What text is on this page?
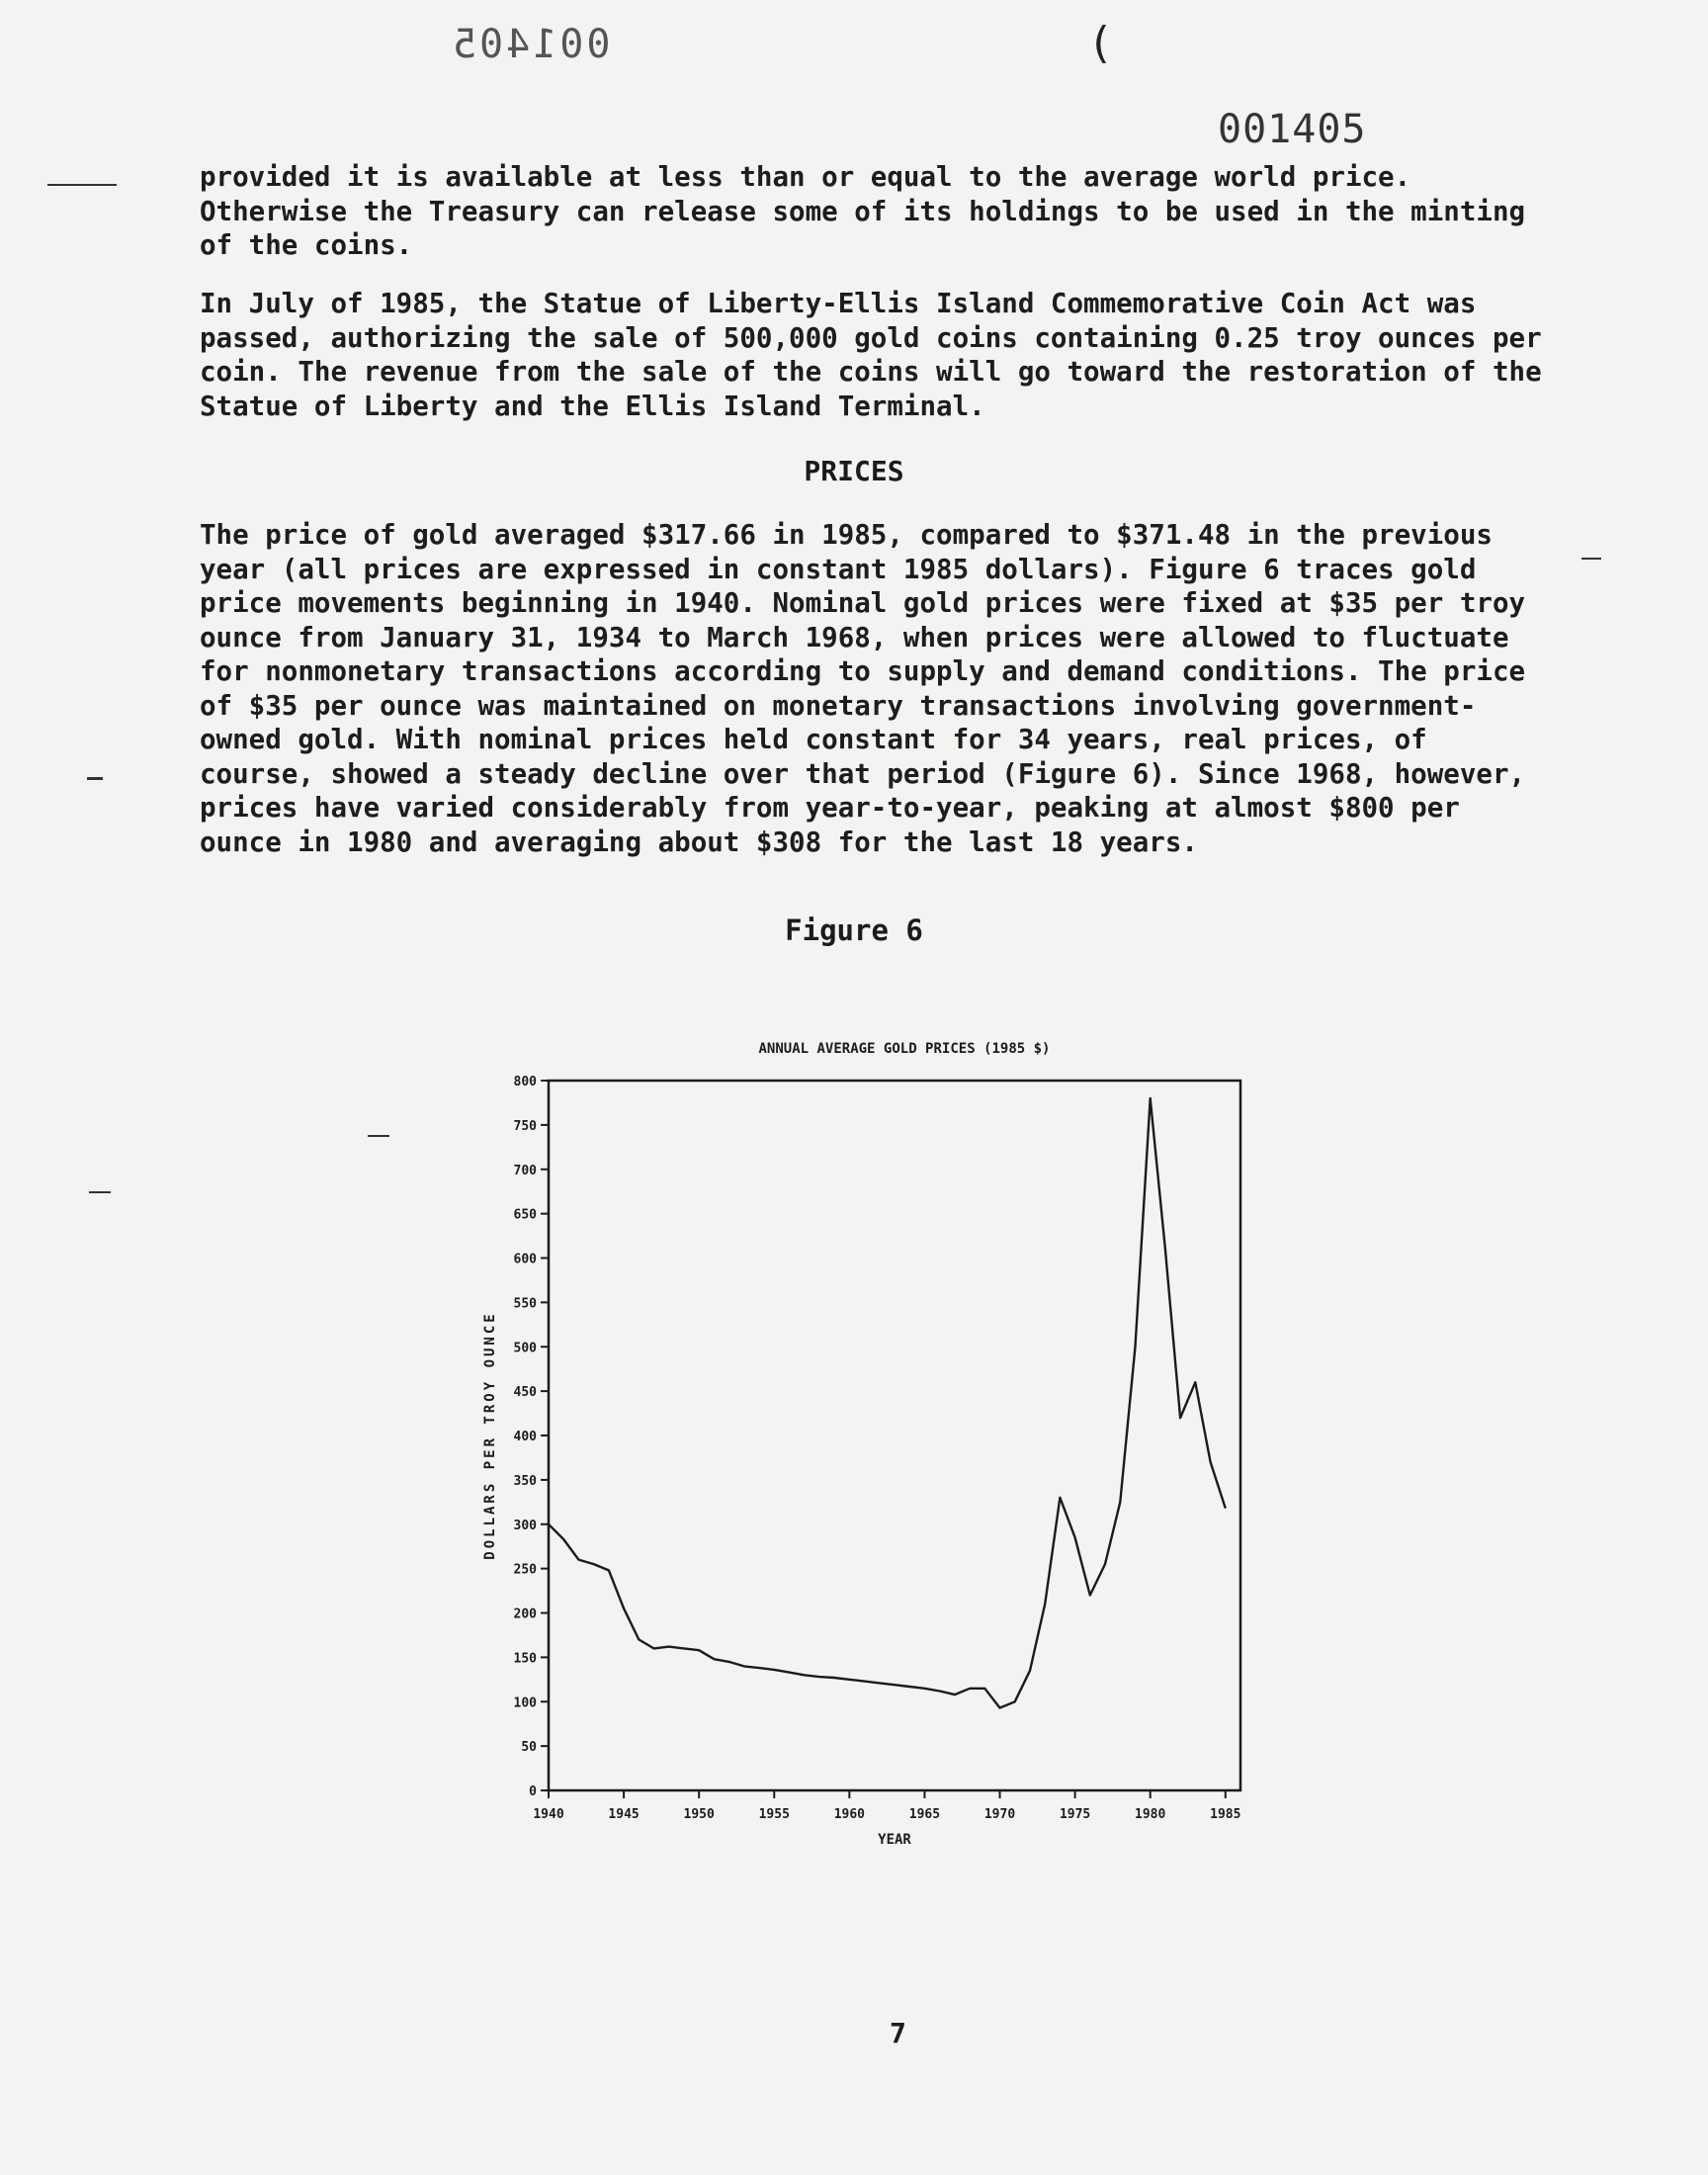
001405	(
001405

provided it is available at less than or equal to the average world price. Otherwise the Treasury can release some of its holdings to be used in the minting of the coins.

In July of 1985, the Statue of Liberty-Ellis Island Commemorative Coin Act was passed, authorizing the sale of 500,000 gold coins containing 0.25 troy ounces per coin. The revenue from the sale of the coins will go toward the restoration of the Statue of Liberty and the Ellis Island Terminal.

PRICES

The price of gold averaged $317.66 in 1985, compared to $371.48 in the previous year (all prices are expressed in constant 1985 dollars). Figure 6 traces gold price movements beginning in 1940. Nominal gold prices were fixed at $35 per troy ounce from January 31, 1934 to March 1968, when prices were allowed to fluctuate for nonmonetary transactions according to supply and demand conditions. The price of $35 per ounce was maintained on monetary transactions involving government-owned gold. With nominal prices held constant for 34 years, real prices, of course, showed a steady decline over that period (Figure 6). Since 1968, however, prices have varied considerably from year-to-year, peaking at almost $800 per ounce in 1980 and averaging about $308 for the last 18 years.

Figure 6
ANNUAL AVERAGE GOLD PRICES (1985 $)
0
50
100
150
200
250
300
350
400
450
500
550
600
650
700
750
800
1940	1945	1950	1955	1960	1965	1970	1975	1980	1985
YEAR
DOLLARS PER TROY OUNCE
7
